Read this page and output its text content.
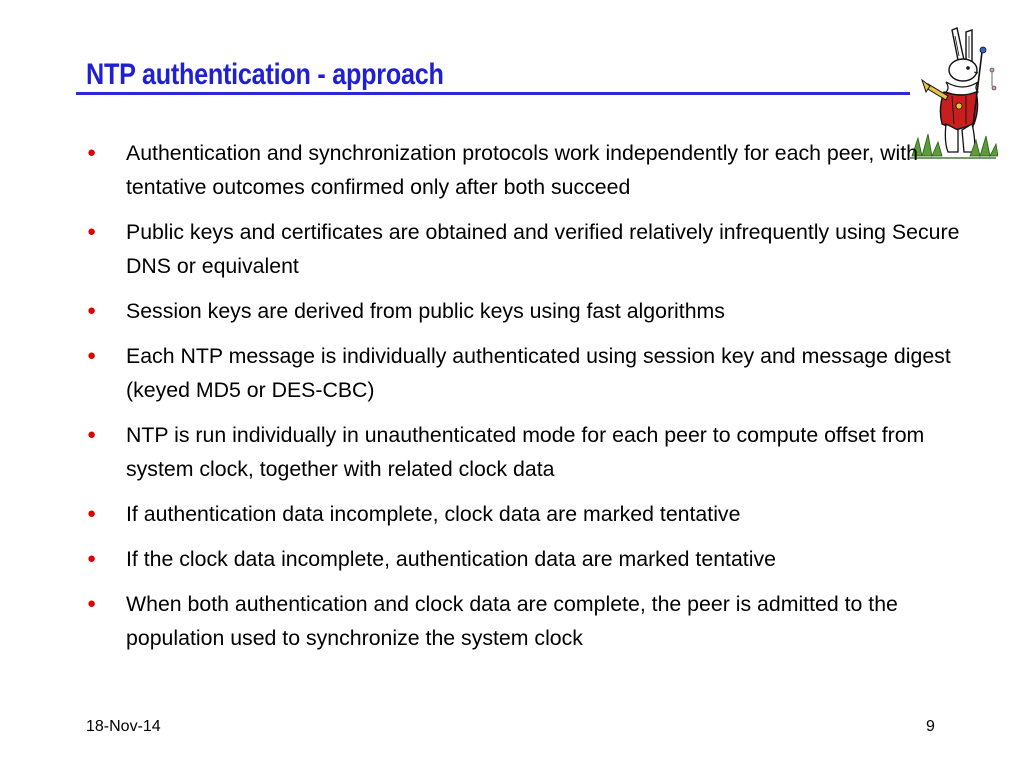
NTP authentication - approach
● Authentication and synchronization protocols work independently for each peer, with tentative outcomes confirmed only after both succeed
● Public keys and certificates are obtained and verified relatively infrequently using Secure DNS or equivalent
● Session keys are derived from public keys using fast algorithms
● Each NTP message is individually authenticated using session key and message digest (keyed MD5 or DES-CBC)
● NTP is run individually in unauthenticated mode for each peer to compute offset from system clock, together with related clock data
● If authentication data incomplete, clock data are marked tentative
● If the clock data incomplete, authentication data are marked tentative
● When both authentication and clock data are complete, the peer is admitted to the population used to synchronize the system clock
18-Nov-14	9
